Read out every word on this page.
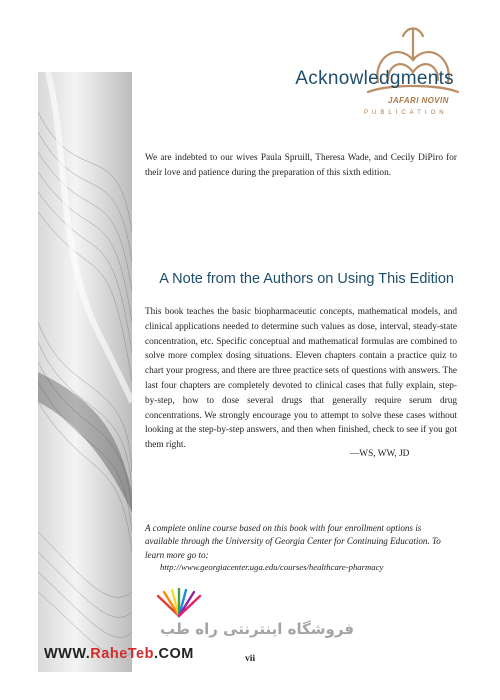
JAFARI NOVIN
PUBLICATION
Acknowledgments

We are indebted to our wives Paula Spruill, Theresa Wade, and Cecily DiPiro for their love and patience during the preparation of this sixth edition.

A Note from the Authors on Using This Edition

This book teaches the basic biopharmaceutic concepts, mathematical models, and clinical applications needed to determine such values as dose, interval, steady-state concentration, etc. Specific conceptual and mathematical formulas are combined to solve more complex dosing situations. Eleven chapters contain a practice quiz to chart your progress, and there are three practice sets of questions with answers. The last four chapters are completely devoted to clinical cases that fully explain, step-by-step, how to dose several drugs that generally require serum drug concentrations. We strongly encourage you to attempt to solve these cases without looking at the step-by-step answers, and then when finished, check to see if you got them right.

—WS, WW, JD

A complete online course based on this book with four enrollment options is available through the University of Georgia Center for Continuing Education. To learn more go to:

http://www.georgiacenter.uga.edu/courses/healthcare-pharmacy

فروشگاه اینترنتی راه طب
WWW.RaheTeb.COM	vii
